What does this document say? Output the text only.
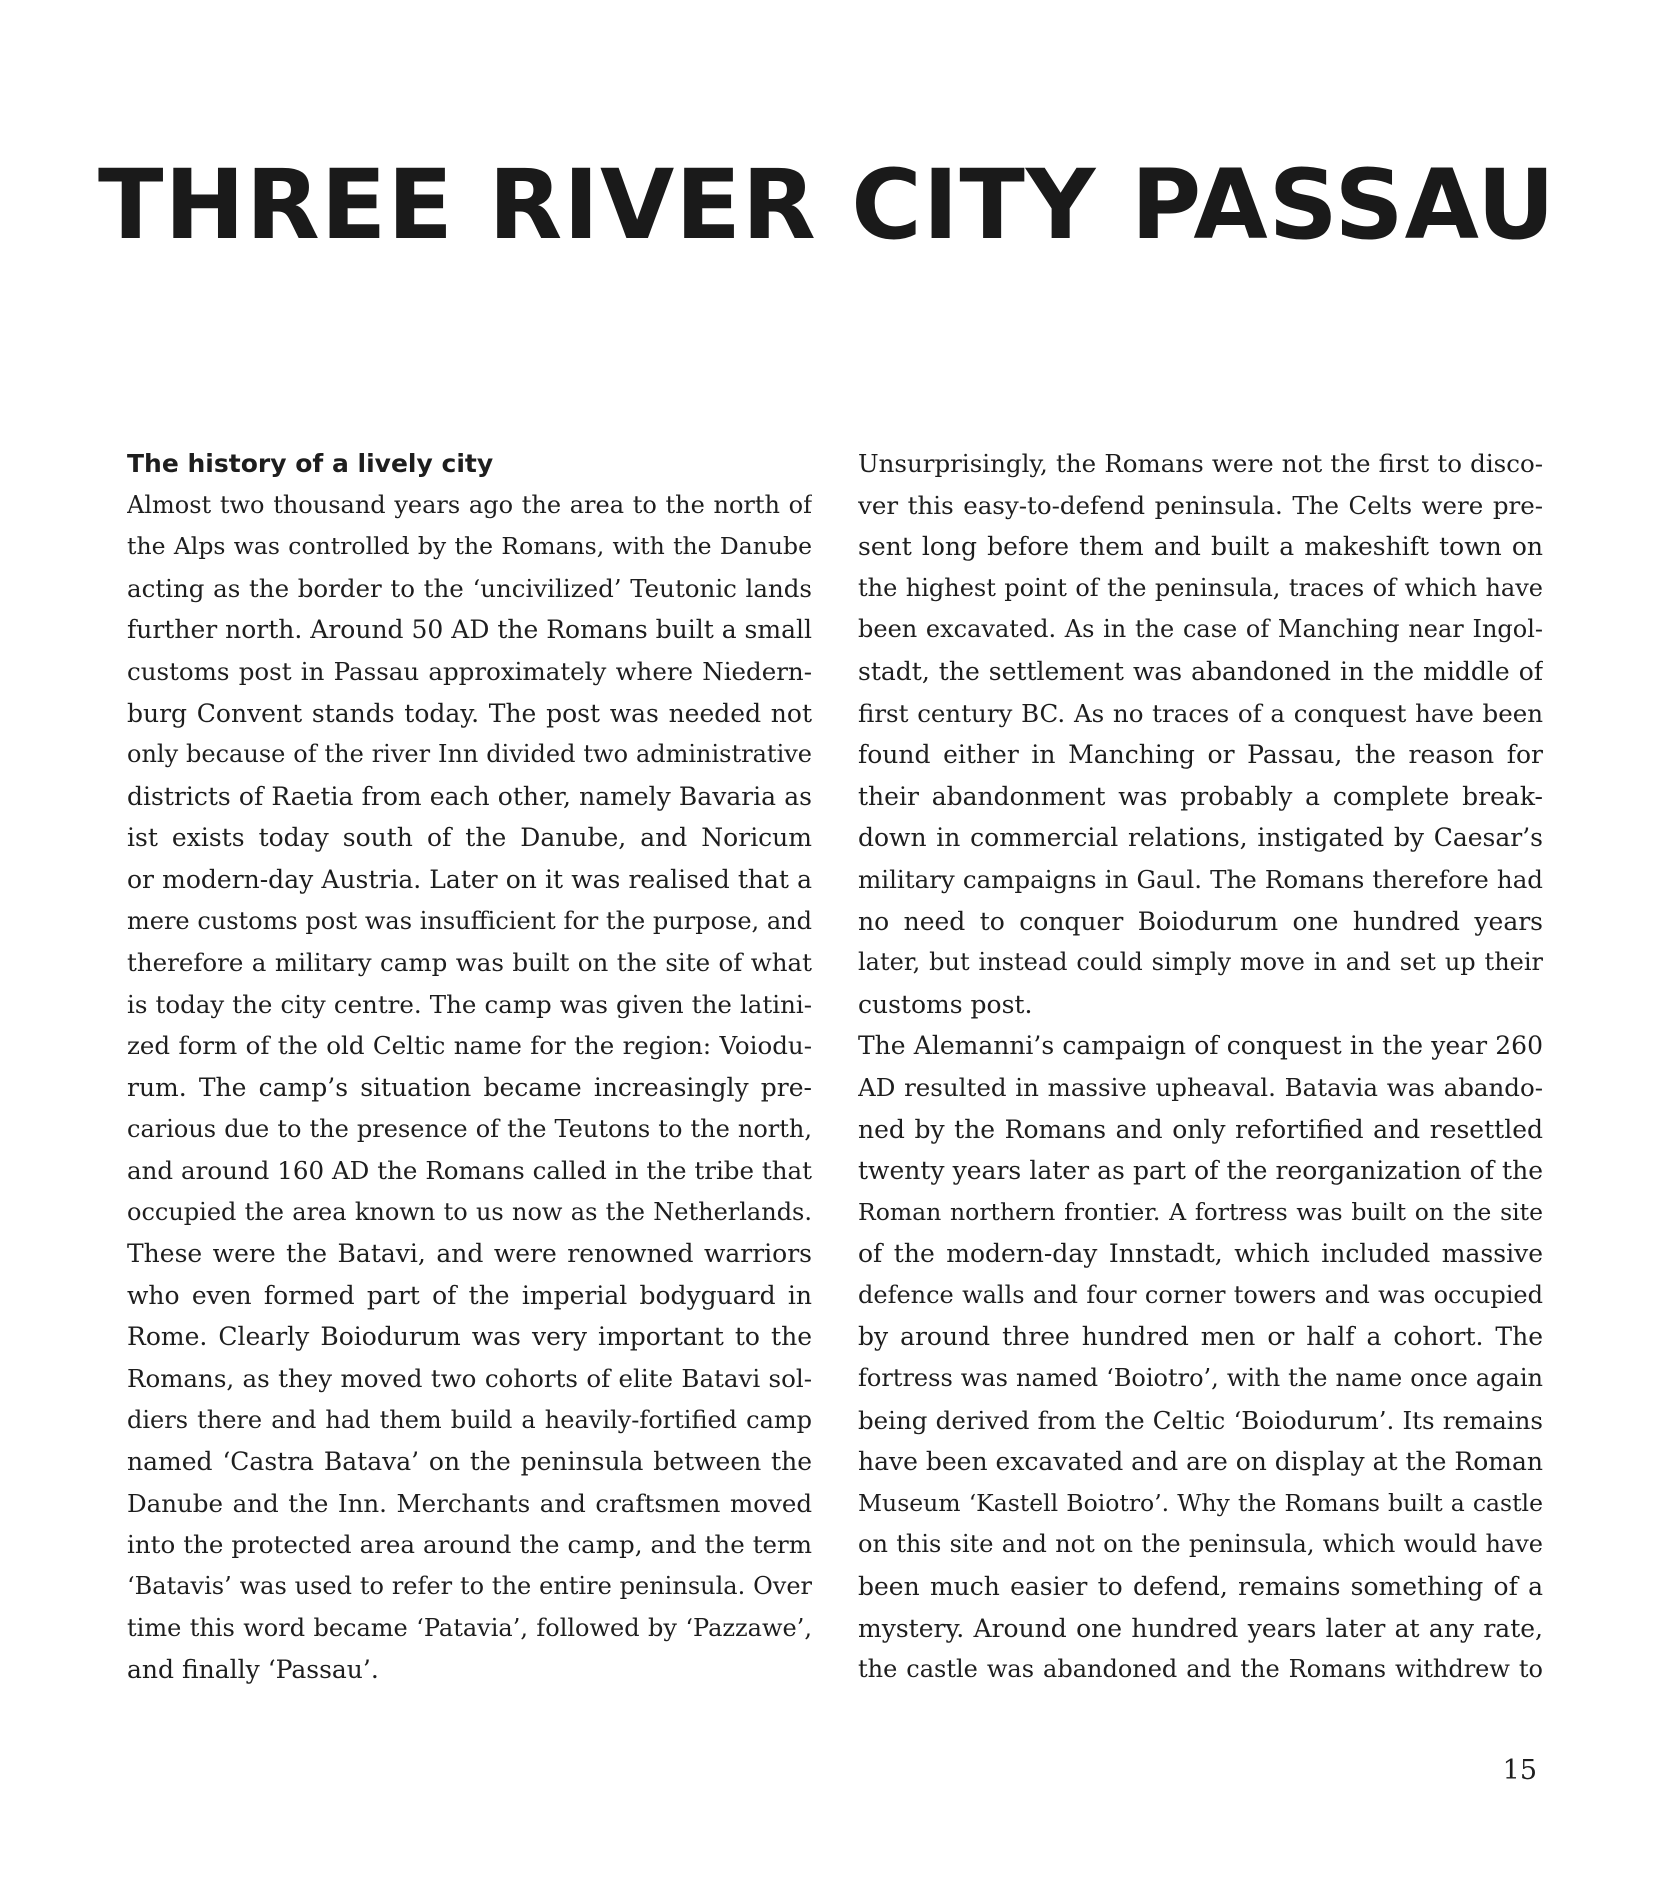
THREE RIVER CITY PASSAU
The history of a lively city
Almost two thousand years ago the area to the north of
the Alps was controlled by the Romans, with the Danube
acting as the border to the ‘uncivilized’ Teutonic lands
further north. Around 50 AD the Romans built a small
customs post in Passau approximately where Niedern-
burg Convent stands today. The post was needed not
only because of the river Inn divided two administrative
districts of Raetia from each other, namely Bavaria as
ist exists today south of the Danube, and Noricum
or modern-day Austria. Later on it was realised that a
mere customs post was insufficient for the purpose, and
therefore a military camp was built on the site of what
is today the city centre. The camp was given the latini-
zed form of the old Celtic name for the region: Voiodu-
rum. The camp’s situation became increasingly pre-
carious due to the presence of the Teutons to the north,
and around 160 AD the Romans called in the tribe that
occupied the area known to us now as the Netherlands.
These were the Batavi, and were renowned warriors
who even formed part of the imperial bodyguard in
Rome. Clearly Boiodurum was very important to the
Romans, as they moved two cohorts of elite Batavi sol-
diers there and had them build a heavily-fortified camp
named ‘Castra Batava’ on the peninsula between the
Danube and the Inn. Merchants and craftsmen moved
into the protected area around the camp, and the term
‘Batavis’ was used to refer to the entire peninsula. Over
time this word became ‘Patavia’, followed by ‘Pazzawe’,
and finally ‘Passau’.
Unsurprisingly, the Romans were not the first to disco-
ver this easy-to-defend peninsula. The Celts were pre-
sent long before them and built a makeshift town on
the highest point of the peninsula, traces of which have
been excavated. As in the case of Manching near Ingol-
stadt, the settlement was abandoned in the middle of
first century BC. As no traces of a conquest have been
found either in Manching or Passau, the reason for
their abandonment was probably a complete break-
down in commercial relations, instigated by Caesar’s
military campaigns in Gaul. The Romans therefore had
no need to conquer Boiodurum one hundred years
later, but instead could simply move in and set up their
customs post.
The Alemanni’s campaign of conquest in the year 260
AD resulted in massive upheaval. Batavia was abando-
ned by the Romans and only refortified and resettled
twenty years later as part of the reorganization of the
Roman northern frontier. A fortress was built on the site
of the modern-day Innstadt, which included massive
defence walls and four corner towers and was occupied
by around three hundred men or half a cohort. The
fortress was named ‘Boiotro’, with the name once again
being derived from the Celtic ‘Boiodurum’. Its remains
have been excavated and are on display at the Roman
Museum ‘Kastell Boiotro’. Why the Romans built a castle
on this site and not on the peninsula, which would have
been much easier to defend, remains something of a
mystery. Around one hundred years later at any rate,
the castle was abandoned and the Romans withdrew to
15
